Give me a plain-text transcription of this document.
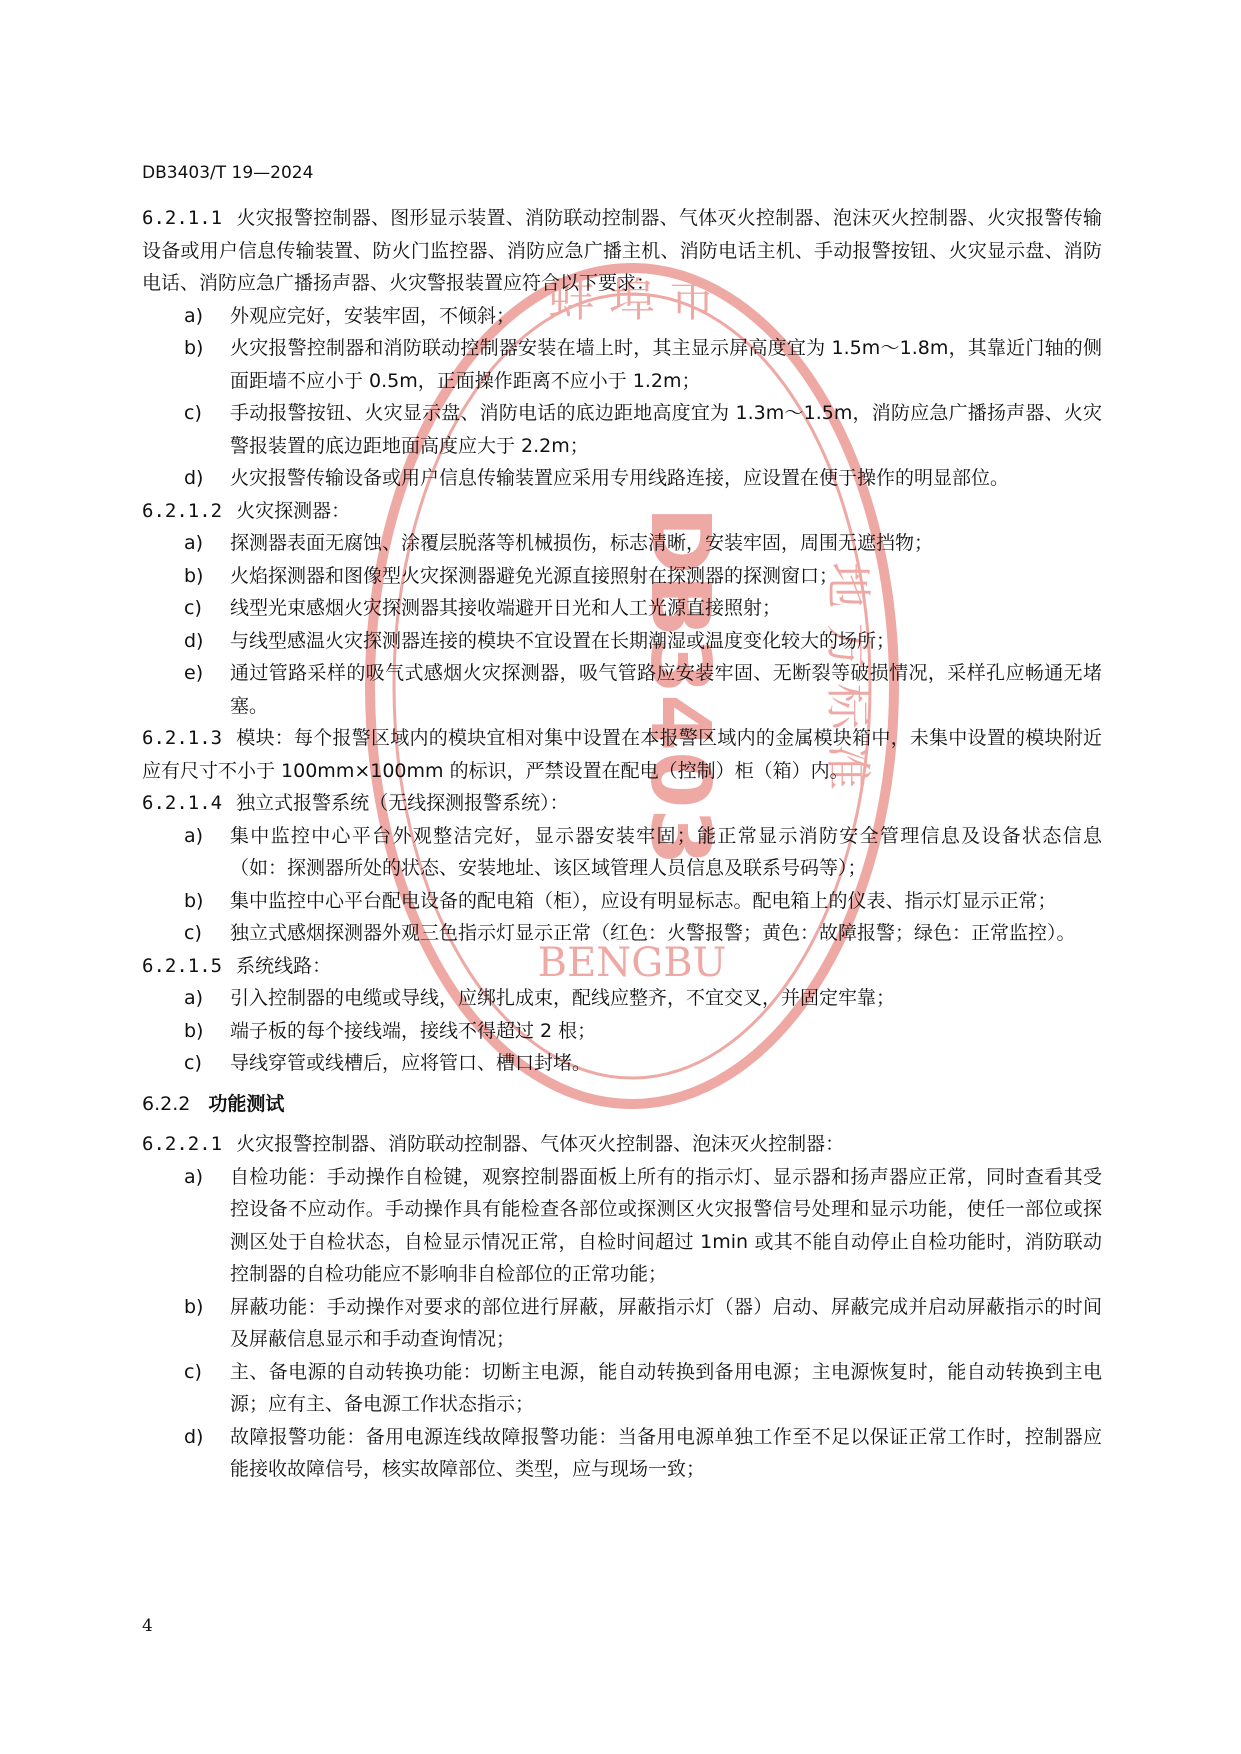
DB3403/T 19—2024
蚌 埠 市
地 方 标 准
BENGBU
DB3403
6.2.1.1 火灾报警控制器、图形显示装置、消防联动控制器、气体灭火控制器、泡沫灭火控制器、火灾报警传输设备或用户信息传输装置、防火门监控器、消防应急广播主机、消防电话主机、手动报警按钮、火灾显示盘、消防电话、消防应急广播扬声器、火灾警报装置应符合以下要求：
a)	外观应完好，安装牢固，不倾斜；
b)	火灾报警控制器和消防联动控制器安装在墙上时，其主显示屏高度宜为 1.5m～1.8m，其靠近门轴的侧面距墙不应小于 0.5m，正面操作距离不应小于 1.2m；
c)	手动报警按钮、火灾显示盘、消防电话的底边距地高度宜为 1.3m～1.5m，消防应急广播扬声器、火灾警报装置的底边距地面高度应大于 2.2m；
d)	火灾报警传输设备或用户信息传输装置应采用专用线路连接，应设置在便于操作的明显部位。
6.2.1.2 火灾探测器：
a)	探测器表面无腐蚀、涂覆层脱落等机械损伤，标志清晰，安装牢固，周围无遮挡物；
b)	火焰探测器和图像型火灾探测器避免光源直接照射在探测器的探测窗口；
c)	线型光束感烟火灾探测器其接收端避开日光和人工光源直接照射；
d)	与线型感温火灾探测器连接的模块不宜设置在长期潮湿或温度变化较大的场所；
e)	通过管路采样的吸气式感烟火灾探测器，吸气管路应安装牢固、无断裂等破损情况，采样孔应畅通无堵塞。
6.2.1.3 模块：每个报警区域内的模块宜相对集中设置在本报警区域内的金属模块箱中，未集中设置的模块附近应有尺寸不小于 100mm×100mm 的标识，严禁设置在配电（控制）柜（箱）内。
6.2.1.4 独立式报警系统（无线探测报警系统）：
a)	集中监控中心平台外观整洁完好，显示器安装牢固；能正常显示消防安全管理信息及设备状态信息（如：探测器所处的状态、安装地址、该区域管理人员信息及联系号码等）；
b)	集中监控中心平台配电设备的配电箱（柜），应设有明显标志。配电箱上的仪表、指示灯显示正常；
c)	独立式感烟探测器外观三色指示灯显示正常（红色：火警报警；黄色：故障报警；绿色：正常监控）。
6.2.1.5 系统线路：
a)	引入控制器的电缆或导线，应绑扎成束，配线应整齐，不宜交叉，并固定牢靠；
b)	端子板的每个接线端，接线不得超过 2 根；
c)	导线穿管或线槽后，应将管口、槽口封堵。
6.2.2 功能测试
6.2.2.1 火灾报警控制器、消防联动控制器、气体灭火控制器、泡沫灭火控制器：
a)	自检功能：手动操作自检键，观察控制器面板上所有的指示灯、显示器和扬声器应正常，同时查看其受控设备不应动作。手动操作具有能检查各部位或探测区火灾报警信号处理和显示功能，使任一部位或探测区处于自检状态，自检显示情况正常，自检时间超过 1min 或其不能自动停止自检功能时，消防联动控制器的自检功能应不影响非自检部位的正常功能；
b)	屏蔽功能：手动操作对要求的部位进行屏蔽，屏蔽指示灯（器）启动、屏蔽完成并启动屏蔽指示的时间及屏蔽信息显示和手动查询情况；
c)	主、备电源的自动转换功能：切断主电源，能自动转换到备用电源；主电源恢复时，能自动转换到主电源；应有主、备电源工作状态指示；
d)	故障报警功能：备用电源连线故障报警功能：当备用电源单独工作至不足以保证正常工作时，控制器应能接收故障信号，核实故障部位、类型，应与现场一致；
4
